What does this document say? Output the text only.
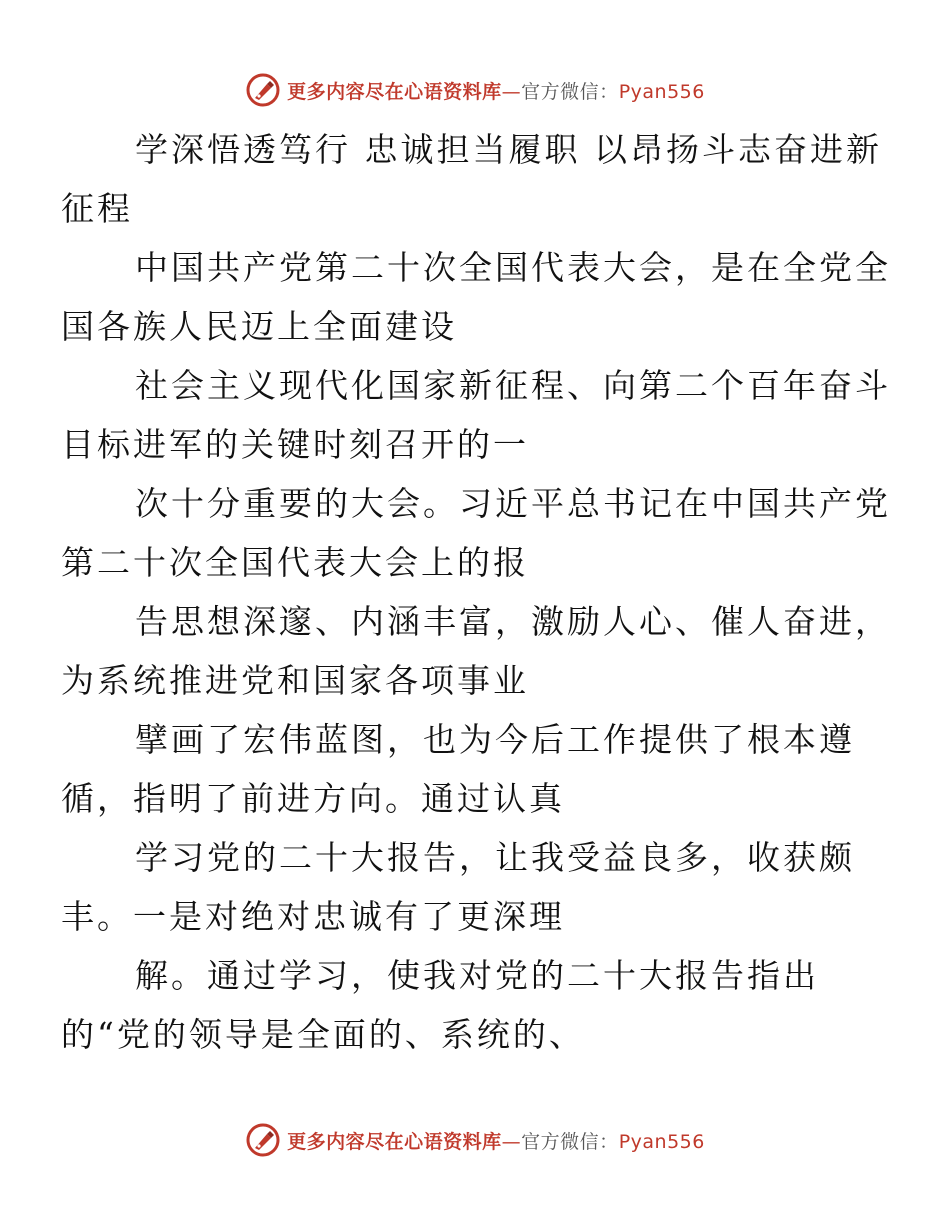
更多内容尽在心语资料库—官方微信：Pyan556

学深悟透笃行 忠诚担当履职 以昂扬斗志奋进新
征程

中国共产党第二十次全国代表大会，是在全党全
国各族人民迈上全面建设

社会主义现代化国家新征程、向第二个百年奋斗
目标进军的关键时刻召开的一

次十分重要的大会。习近平总书记在中国共产党
第二十次全国代表大会上的报

告思想深邃、内涵丰富，激励人心、催人奋进，
为系统推进党和国家各项事业

擘画了宏伟蓝图，也为今后工作提供了根本遵
循，指明了前进方向。通过认真

学习党的二十大报告，让我受益良多，收获颇
丰。一是对绝对忠诚有了更深理

解。通过学习，使我对党的二十大报告指出
的“党的领导是全面的、系统的、

更多内容尽在心语资料库—官方微信：Pyan556
